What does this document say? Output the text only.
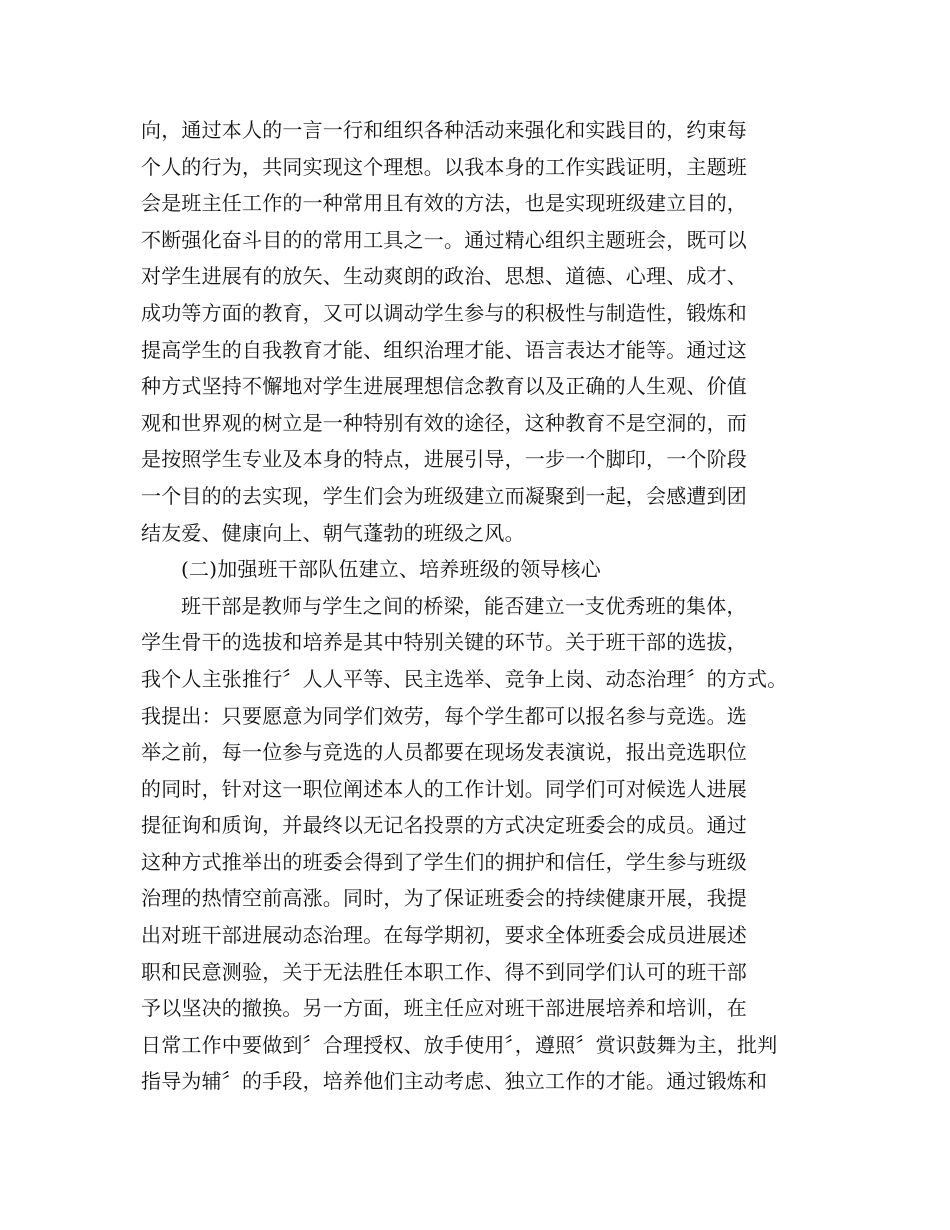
向，通过本人的一言一行和组织各种活动来强化和实践目的，约束每
个人的行为，共同实现这个理想。以我本身的工作实践证明，主题班
会是班主任工作的一种常用且有效的方法，也是实现班级建立目的，
不断强化奋斗目的的常用工具之一。通过精心组织主题班会，既可以
对学生进展有的放矢、生动爽朗的政治、思想、道德、心理、成才、
成功等方面的教育，又可以调动学生参与的积极性与制造性，锻炼和
提高学生的自我教育才能、组织治理才能、语言表达才能等。通过这
种方式坚持不懈地对学生进展理想信念教育以及正确的人生观、价值
观和世界观的树立是一种特别有效的途径，这种教育不是空洞的，而
是按照学生专业及本身的特点，进展引导，一步一个脚印，一个阶段
一个目的的去实现，学生们会为班级建立而凝聚到一起，会感遭到团
结友爱、健康向上、朝气蓬勃的班级之风。
(二)加强班干部队伍建立、培养班级的领导核心
班干部是教师与学生之间的桥梁，能否建立一支优秀班的集体，
学生骨干的选拔和培养是其中特别关键的环节。关于班干部的选拔，
我个人主张推行〞人人平等、民主选举、竞争上岗、动态治理〞的方式。
我提出：只要愿意为同学们效劳，每个学生都可以报名参与竞选。选
举之前，每一位参与竞选的人员都要在现场发表演说，报出竞选职位
的同时，针对这一职位阐述本人的工作计划。同学们可对候选人进展
提征询和质询，并最终以无记名投票的方式决定班委会的成员。通过
这种方式推举出的班委会得到了学生们的拥护和信任，学生参与班级
治理的热情空前高涨。同时，为了保证班委会的持续健康开展，我提
出对班干部进展动态治理。在每学期初，要求全体班委会成员进展述
职和民意测验，关于无法胜任本职工作、得不到同学们认可的班干部
予以坚决的撤换。另一方面，班主任应对班干部进展培养和培训，在
日常工作中要做到〞合理授权、放手使用〞，遵照〞赏识鼓舞为主，批判
指导为辅〞的手段，培养他们主动考虑、独立工作的才能。通过锻炼和
